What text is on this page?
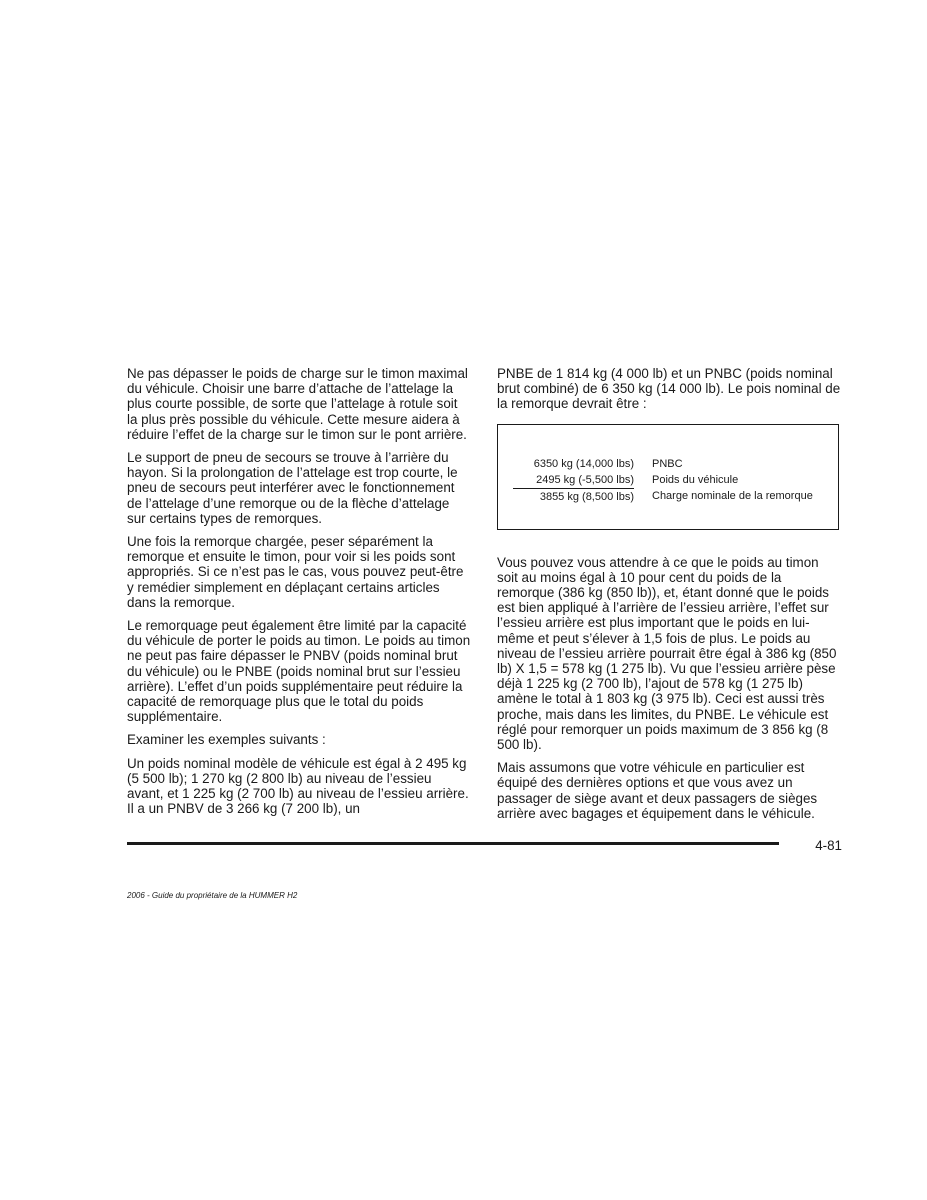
Ne pas dépasser le poids de charge sur le timon maximal du véhicule. Choisir une barre d’attache de l’attelage la plus courte possible, de sorte que l’attelage à rotule soit la plus près possible du véhicule. Cette mesure aidera à réduire l’effet de la charge sur le timon sur le pont arrière.

Le support de pneu de secours se trouve à l’arrière du hayon. Si la prolongation de l’attelage est trop courte, le pneu de secours peut interférer avec le fonctionnement de l’attelage d’une remorque ou de la flèche d’attelage sur certains types de remorques.

Une fois la remorque chargée, peser séparément la remorque et ensuite le timon, pour voir si les poids sont appropriés. Si ce n’est pas le cas, vous pouvez peut-être y remédier simplement en déplaçant certains articles dans la remorque.

Le remorquage peut également être limité par la capacité du véhicule de porter le poids au timon. Le poids au timon ne peut pas faire dépasser le PNBV (poids nominal brut du véhicule) ou le PNBE (poids nominal brut sur l’essieu arrière). L’effet d’un poids supplémentaire peut réduire la capacité de remorquage plus que le total du poids supplémentaire.

Examiner les exemples suivants :

Un poids nominal modèle de véhicule est égal à 2 495 kg (5 500 lb); 1 270 kg (2 800 lb) au niveau de l’essieu avant, et 1 225 kg (2 700 lb) au niveau de l’essieu arrière. Il a un PNBV de 3 266 kg (7 200 lb), un

PNBE de 1 814 kg (4 000 lb) et un PNBC (poids nominal brut combiné) de 6 350 kg (14 000 lb). Le pois nominal de la remorque devrait être :

6350 kg (14,000 lbs)
2495 kg (-5,500 lbs)
3855 kg (8,500 lbs)
PNBC
Poids du véhicule
Charge nominale de la remorque

Vous pouvez vous attendre à ce que le poids au timon soit au moins égal à 10 pour cent du poids de la remorque (386 kg (850 lb)), et, étant donné que le poids est bien appliqué à l’arrière de l’essieu arrière, l’effet sur l’essieu arrière est plus important que le poids en lui-même et peut s’élever à 1,5 fois de plus. Le poids au niveau de l’essieu arrière pourrait être égal à 386 kg (850 lb) X 1,5 = 578 kg (1 275 lb). Vu que l’essieu arrière pèse déjà 1 225 kg (2 700 lb), l’ajout de 578 kg (1 275 lb) amène le total à 1 803 kg (3 975 lb). Ceci est aussi très proche, mais dans les limites, du PNBE. Le véhicule est réglé pour remorquer un poids maximum de 3 856 kg (8 500 lb).

Mais assumons que votre véhicule en particulier est équipé des dernières options et que vous avez un passager de siège avant et deux passagers de sièges arrière avec bagages et équipement dans le véhicule.

4-81
2006 - Guide du propriétaire de la HUMMER H2
